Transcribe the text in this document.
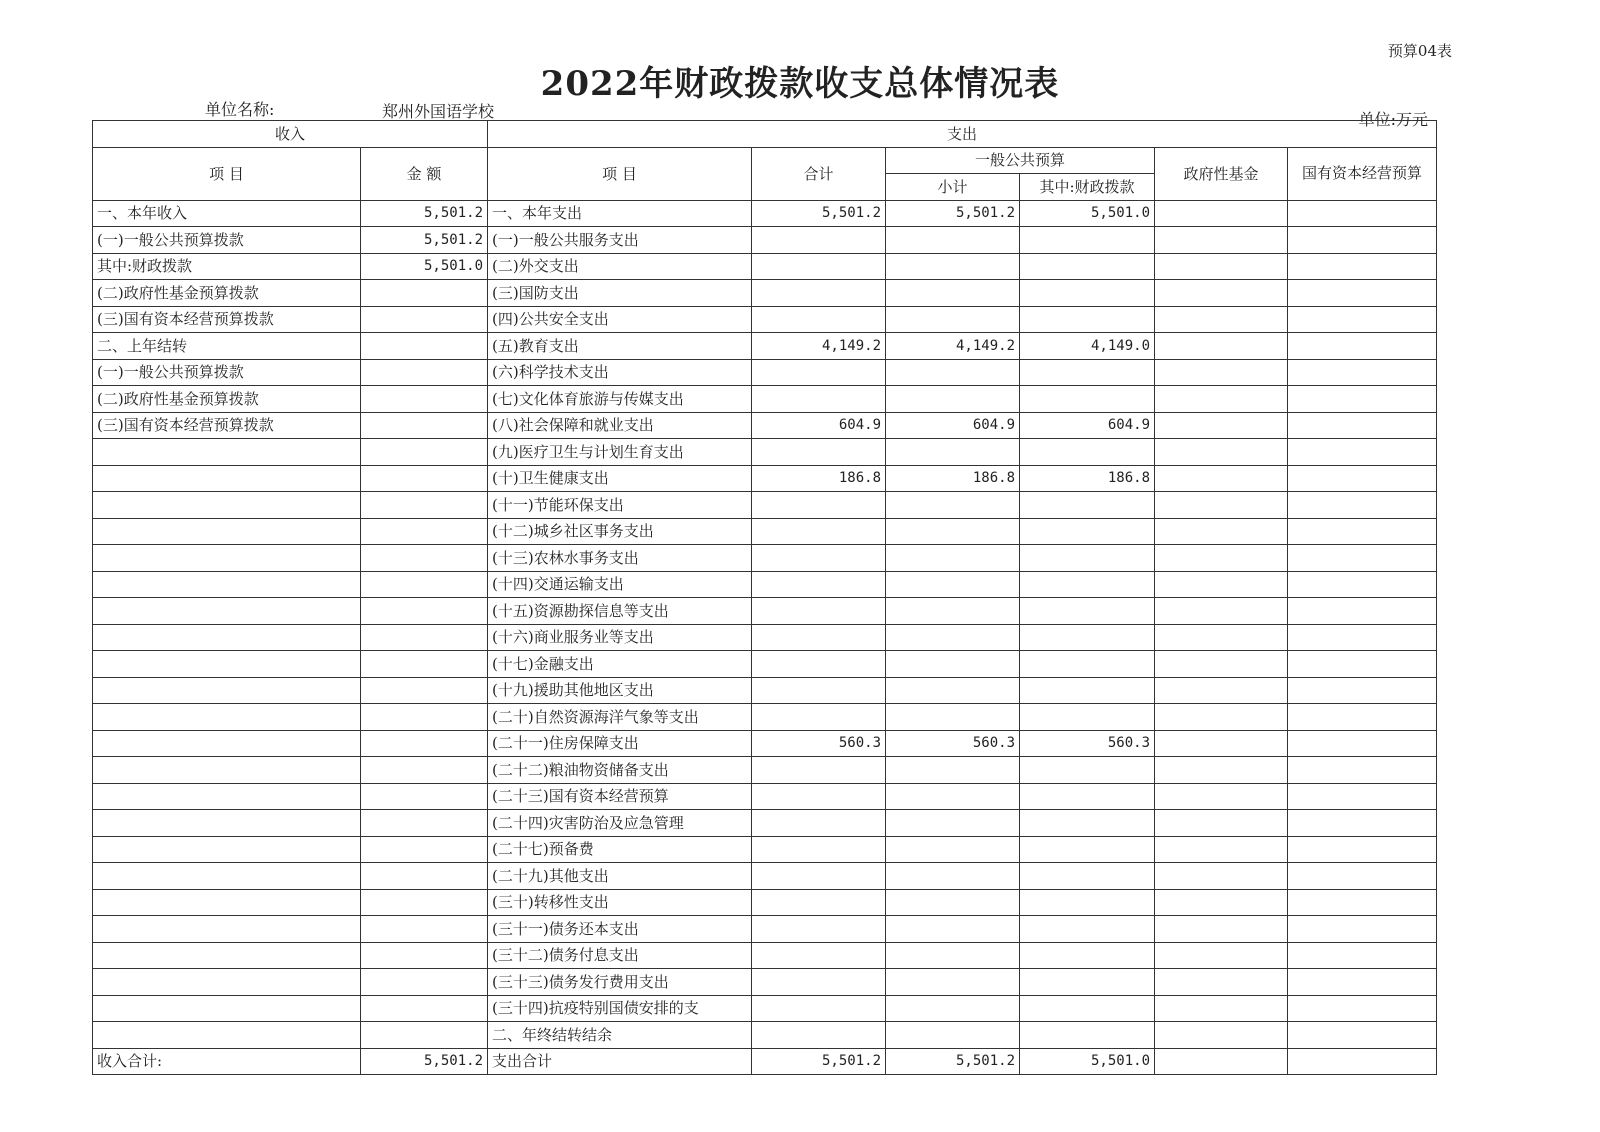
预算04表
2022年财政拨款收支总体情况表
单位名称:	郑州外国语学校	单位:万元
收入		支出					
项 目	金 额	项 目	合计	一般公共预算		政府性基金	国有资本经营预算
				小计	其中:财政拨款		
一、本年收入	5,501.2	一、本年支出	5,501.2	5,501.2	5,501.0		
(一)一般公共预算拨款	5,501.2	(一)一般公共服务支出					
其中:财政拨款	5,501.0	(二)外交支出					
(二)政府性基金预算拨款		(三)国防支出					
(三)国有资本经营预算拨款		(四)公共安全支出					
二、上年结转		(五)教育支出	4,149.2	4,149.2	4,149.0		
(一)一般公共预算拨款		(六)科学技术支出					
(二)政府性基金预算拨款		(七)文化体育旅游与传媒支出					
(三)国有资本经营预算拨款		(八)社会保障和就业支出	604.9	604.9	604.9		
		(九)医疗卫生与计划生育支出					
		(十)卫生健康支出	186.8	186.8	186.8		
		(十一)节能环保支出					
		(十二)城乡社区事务支出					
		(十三)农林水事务支出					
		(十四)交通运输支出					
		(十五)资源勘探信息等支出					
		(十六)商业服务业等支出					
		(十七)金融支出					
		(十九)援助其他地区支出					
		(二十)自然资源海洋气象等支出					
		(二十一)住房保障支出	560.3	560.3	560.3		
		(二十二)粮油物资储备支出					
		(二十三)国有资本经营预算					
		(二十四)灾害防治及应急管理					
		(二十七)预备费					
		(二十九)其他支出					
		(三十)转移性支出					
		(三十一)债务还本支出					
		(三十二)债务付息支出					
		(三十三)债务发行费用支出					
		(三十四)抗疫特别国债安排的支					
		二、年终结转结余					
收入合计:	5,501.2	支出合计	5,501.2	5,501.2	5,501.0		
